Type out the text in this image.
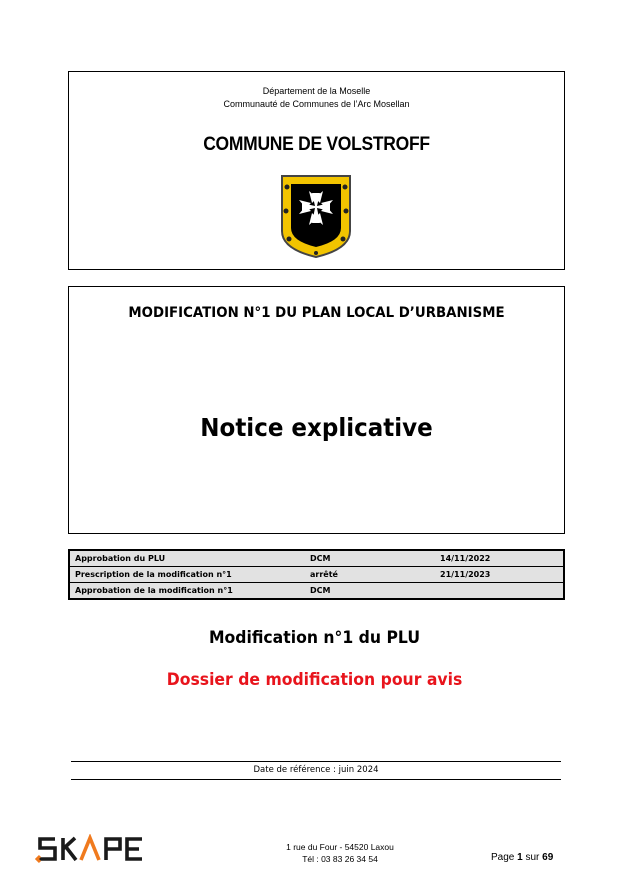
Département de la Moselle
Communauté de Communes de l’Arc Mosellan
COMMUNE DE VOLSTROFF
MODIFICATION N°1 DU PLAN LOCAL D’URBANISME
Notice explicative
Approbation du PLU	DCM	14/11/2022
Prescription de la modification n°1	arrêté	21/11/2023
Approbation de la modification n°1	DCM	
Modification n°1 du PLU
Dossier de modification pour avis
Date de référence : juin 2024
1 rue du Four - 54520 Laxou
Tél : 03 83 26 34 54	Page 1 sur 69
